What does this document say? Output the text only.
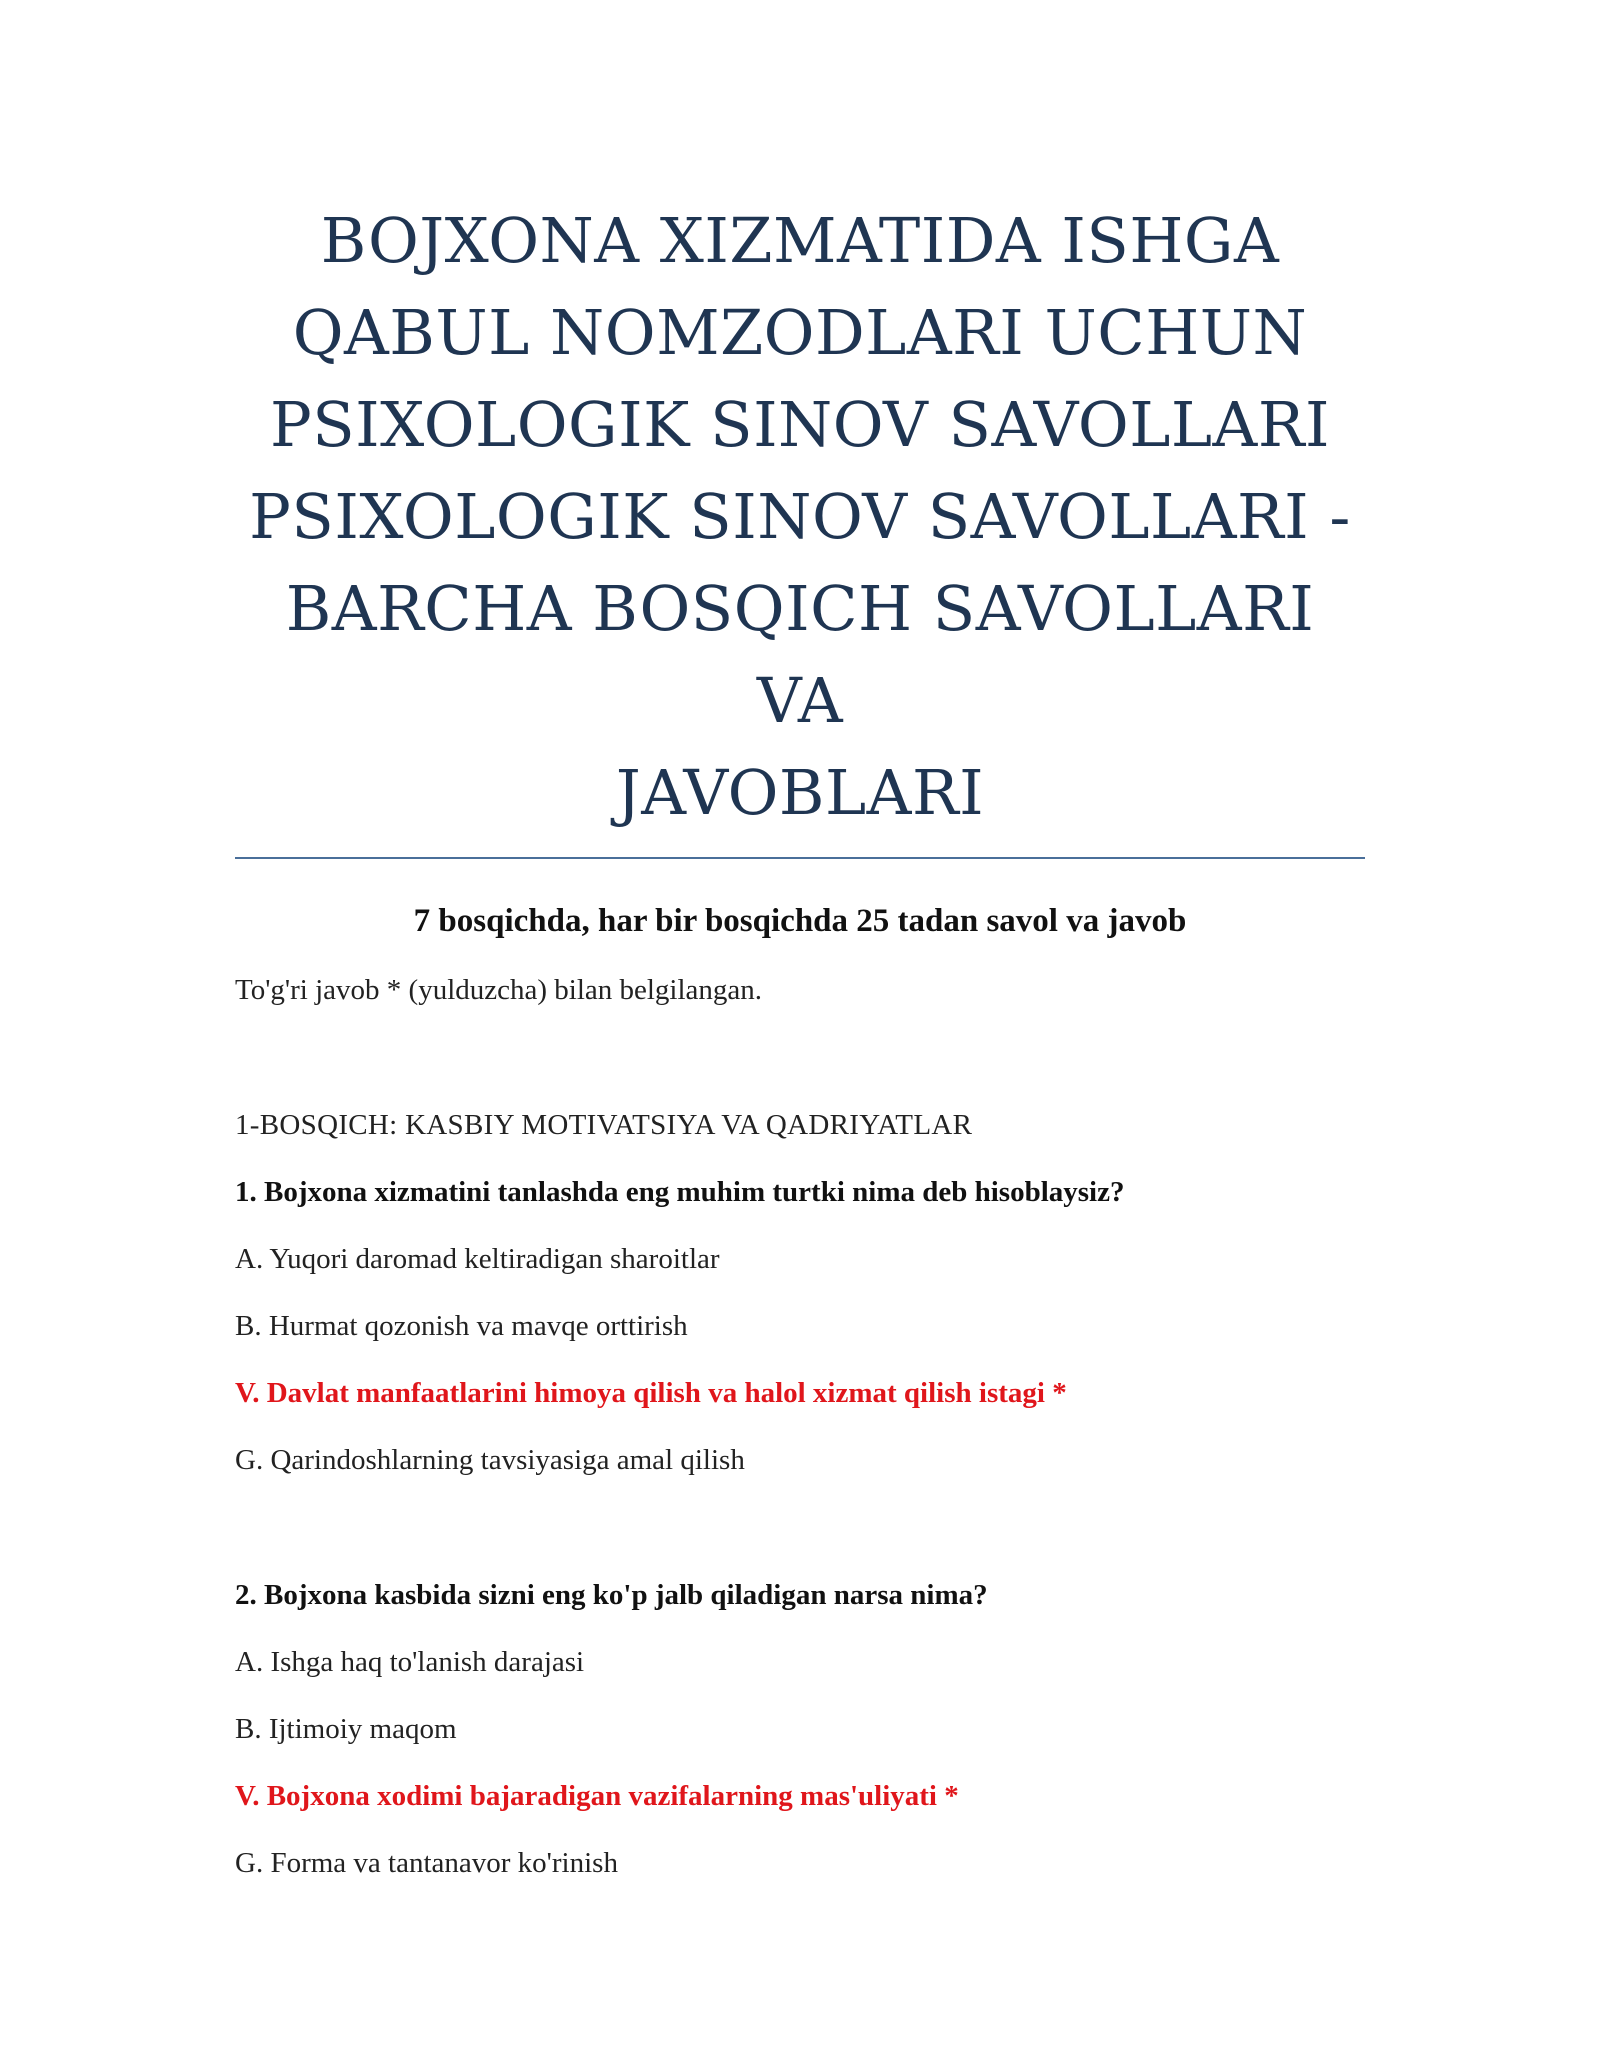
BOJXONA XIZMATIDA ISHGA
QABUL NOMZODLARI UCHUN
PSIXOLOGIK SINOV SAVOLLARI
PSIXOLOGIK SINOV SAVOLLARI -
BARCHA BOSQICH SAVOLLARI VA
JAVOBLARI
7 bosqichda, har bir bosqichda 25 tadan savol va javob
To'g'ri javob * (yulduzcha) bilan belgilangan.
1-BOSQICH: KASBIY MOTIVATSIYA VA QADRIYATLAR
1. Bojxona xizmatini tanlashda eng muhim turtki nima deb hisoblaysiz?
A. Yuqori daromad keltiradigan sharoitlar
B. Hurmat qozonish va mavqe orttirish
V. Davlat manfaatlarini himoya qilish va halol xizmat qilish istagi *
G. Qarindoshlarning tavsiyasiga amal qilish
2. Bojxona kasbida sizni eng ko'p jalb qiladigan narsa nima?
A. Ishga haq to'lanish darajasi
B. Ijtimoiy maqom
V. Bojxona xodimi bajaradigan vazifalarning mas'uliyati *
G. Forma va tantanavor ko'rinish
